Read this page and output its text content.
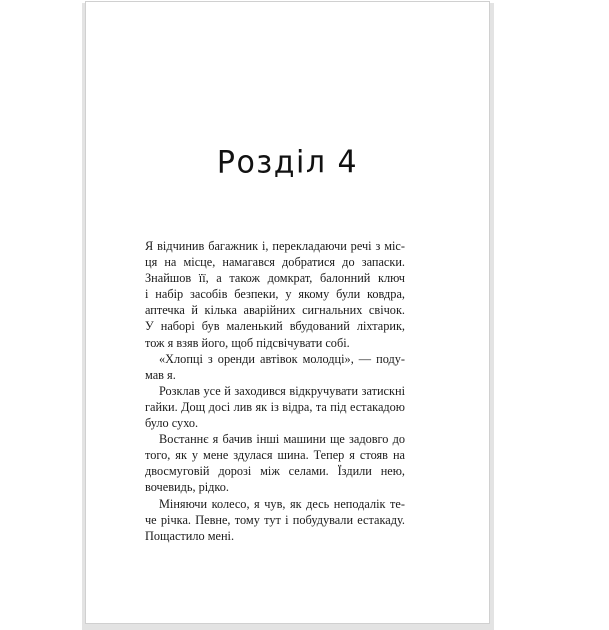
Розділ 4
Я відчинив багажник і, перекладаючи речі з міс-
ця на місце, намагався добратися до запаски.
Знайшов її, а також домкрат, балонний ключ
і набір засобів безпеки, у якому були ковдра,
аптечка й кілька аварійних сигнальних свічок.
У наборі був маленький вбудований ліхтарик,
тож я взяв його, щоб підсвічувати собі.
«Хлопці з оренди автівок молодці», — поду-
мав я.
Розклав усе й заходився відкручувати затискні
гайки. Дощ досі лив як із відра, та під естакадою
було сухо.
Востаннє я бачив інші машини ще задовго до
того, як у мене здулася шина. Тепер я стояв на
двосмуговій дорозі між селами. Їздили нею,
вочевидь, рідко.
Міняючи колесо, я чув, як десь неподалік те-
че річка. Певне, тому тут і побудували естакаду.
Пощастило мені.
